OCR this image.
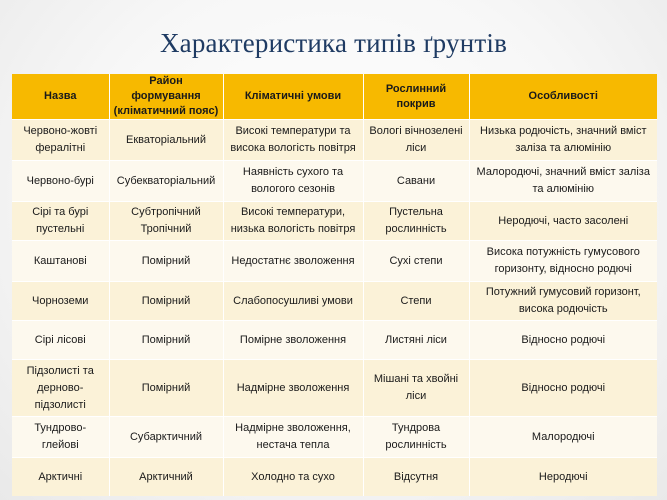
Характеристика типів ґрунтів
Назва	Район формування (кліматичний пояс)	Кліматичні умови	Рослинний покрив	Особливості
Червоно-жовті фералітні	Екваторіальний	Високі температури та висока вологість повітря	Вологі вічнозелені ліси	Низька родючість, значний вміст заліза та алюмінію
Червоно-бурі	Субекваторіальний	Наявність сухого та вологого сезонів	Савани	Малородючі, значний вміст заліза та алюмінію
Сірі та бурі пустельні	Субтропічний Тропічний	Високі температури, низька вологість повітря	Пустельна рослинність	Неродючі, часто засолені
Каштанові	Помірний	Недостатнє зволоження	Сухі степи	Висока потужність гумусового горизонту, відносно родючі
Чорноземи	Помірний	Слабопосушливі умови	Степи	Потужний гумусовий горизонт, висока родючість
Сірі лісові	Помірний	Помірне зволоження	Листяні ліси	Відносно родючі
Підзолисті та дерново-підзолисті	Помірний	Надмірне зволоження	Мішані та хвойні ліси	Відносно родючі
Тундрово-глейові	Субарктичний	Надмірне зволоження, нестача тепла	Тундрова рослинність	Малородючі
Арктичні	Арктичний	Холодно та сухо	Відсутня	Неродючі
